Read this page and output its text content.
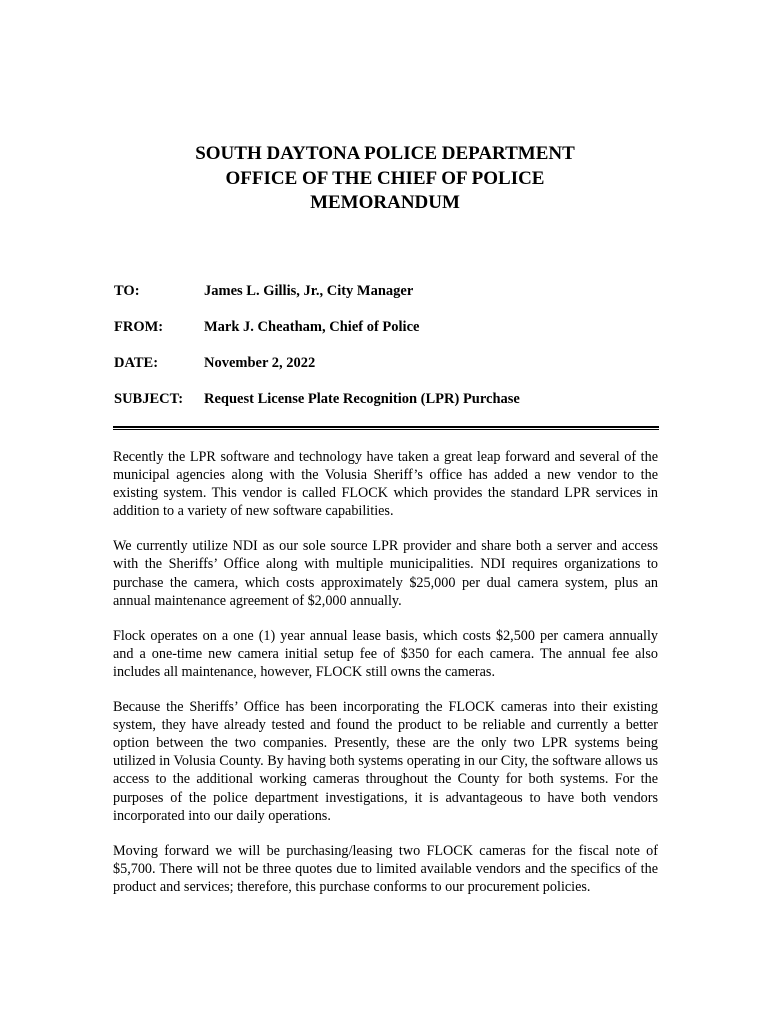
SOUTH DAYTONA POLICE DEPARTMENT
OFFICE OF THE CHIEF OF POLICE
MEMORANDUM
TO:	James L. Gillis, Jr., City Manager
FROM:	Mark J. Cheatham, Chief of Police
DATE:	November 2, 2022
SUBJECT: Request License Plate Recognition (LPR) Purchase

Recently the LPR software and technology have taken a great leap forward and several of the municipal agencies along with the Volusia Sheriff’s office has added a new vendor to the existing system. This vendor is called FLOCK which provides the standard LPR services in addition to a variety of new software capabilities.

We currently utilize NDI as our sole source LPR provider and share both a server and access with the Sheriffs’ Office along with multiple municipalities. NDI requires organizations to purchase the camera, which costs approximately $25,000 per dual camera system, plus an annual maintenance agreement of $2,000 annually.

Flock operates on a one (1) year annual lease basis, which costs $2,500 per camera annually and a one-time new camera initial setup fee of $350 for each camera. The annual fee also includes all maintenance, however, FLOCK still owns the cameras.

Because the Sheriffs’ Office has been incorporating the FLOCK cameras into their existing system, they have already tested and found the product to be reliable and currently a better option between the two companies. Presently, these are the only two LPR systems being utilized in Volusia County. By having both systems operating in our City, the software allows us access to the additional working cameras throughout the County for both systems. For the purposes of the police department investigations, it is advantageous to have both vendors incorporated into our daily operations.

Moving forward we will be purchasing/leasing two FLOCK cameras for the fiscal note of $5,700. There will not be three quotes due to limited available vendors and the specifics of the product and services; therefore, this purchase conforms to our procurement policies.
